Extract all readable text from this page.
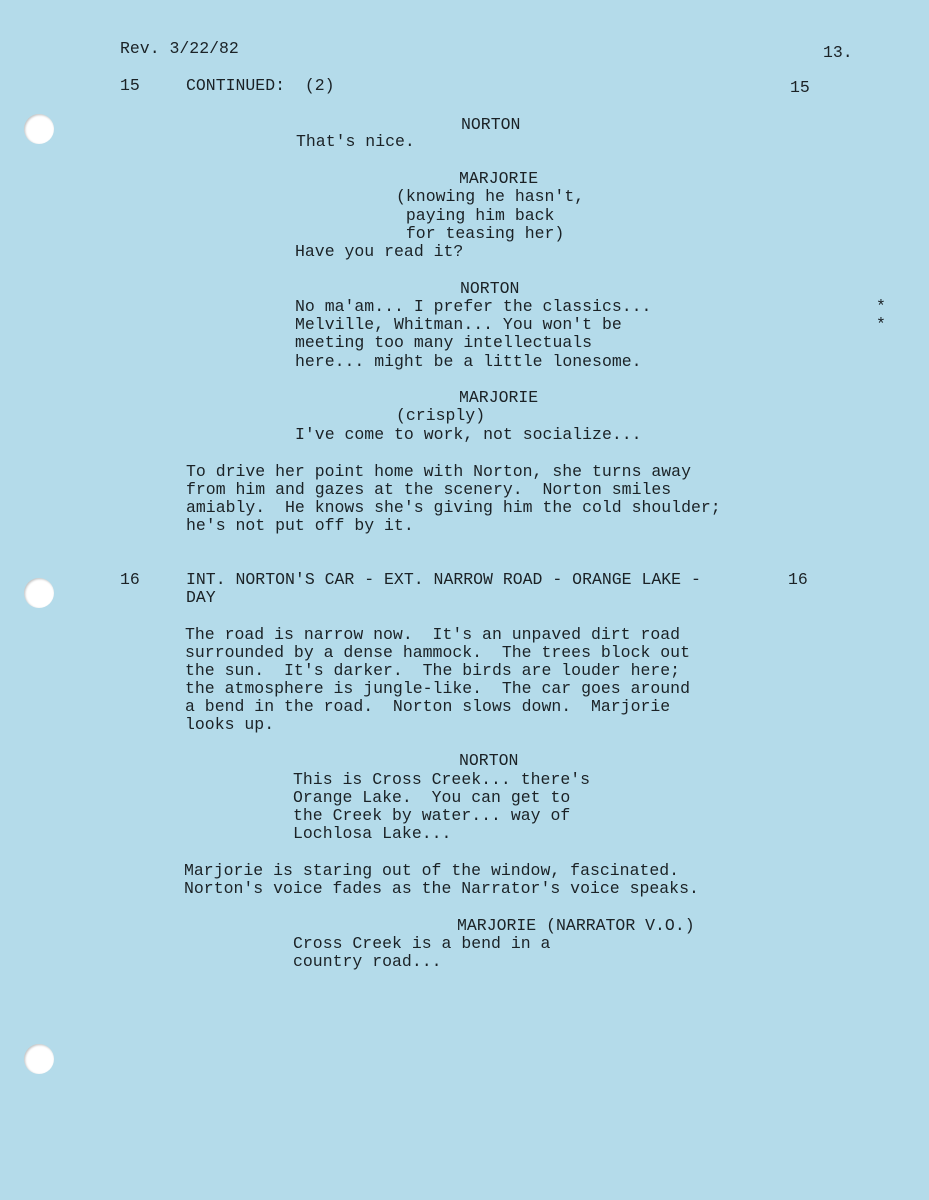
Rev. 3/22/82	13.
15	CONTINUED:  (2)	15
NORTON
That's nice.
MARJORIE
(knowing he hasn't,
paying him back
for teasing her)
Have you read it?
NORTON
No ma'am... I prefer the classics...
Melville, Whitman... You won't be
meeting too many intellectuals
here... might be a little lonesome.
*
*
MARJORIE
(crisply)
I've come to work, not socialize...
To drive her point home with Norton, she turns away
from him and gazes at the scenery.  Norton smiles
amiably.  He knows she's giving him the cold shoulder;
he's not put off by it.
16	INT. NORTON'S CAR - EXT. NARROW ROAD - ORANGE LAKE -
DAY
16
The road is narrow now.  It's an unpaved dirt road
surrounded by a dense hammock.  The trees block out
the sun.  It's darker.  The birds are louder here;
the atmosphere is jungle-like.  The car goes around
a bend in the road.  Norton slows down.  Marjorie
looks up.
NORTON
This is Cross Creek... there's
Orange Lake.  You can get to
the Creek by water... way of
Lochlosa Lake...
Marjorie is staring out of the window, fascinated.
Norton's voice fades as the Narrator's voice speaks.
MARJORIE (NARRATOR V.O.)
Cross Creek is a bend in a
country road...
